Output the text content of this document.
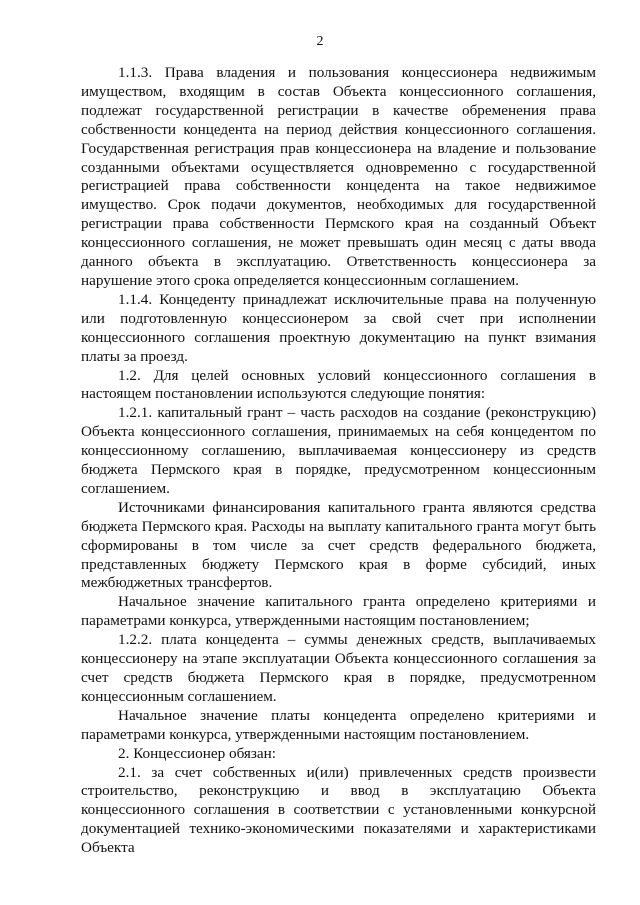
2

1.1.3. Права владения и пользования концессионера недвижимым имуществом, входящим в состав Объекта концессионного соглашения, подлежат государственной регистрации в качестве обременения права собственности концедента на период действия концессионного соглашения. Государственная регистрация прав концессионера на владение и пользование созданными объектами осуществляется одновременно с государственной регистрацией права собственности концедента на такое недвижимое имущество. Срок подачи документов, необходимых для государственной регистрации права собственности Пермского края на созданный Объект концессионного соглашения, не может превышать один месяц с даты ввода данного объекта в эксплуатацию. Ответственность концессионера за нарушение этого срока определяется концессионным соглашением.

1.1.4. Концеденту принадлежат исключительные права на полученную или подготовленную концессионером за свой счет при исполнении концессионного соглашения проектную документацию на пункт взимания платы за проезд.

1.2. Для целей основных условий концессионного соглашения в настоящем постановлении используются следующие понятия:

1.2.1. капитальный грант – часть расходов на создание (реконструкцию) Объекта концессионного соглашения, принимаемых на себя концедентом по концессионному соглашению, выплачиваемая концессионеру из средств бюджета Пермского края в порядке, предусмотренном концессионным соглашением.

Источниками финансирования капитального гранта являются средства бюджета Пермского края. Расходы на выплату капитального гранта могут быть сформированы в том числе за счет средств федерального бюджета, представленных бюджету Пермского края в форме субсидий, иных межбюджетных трансфертов.

Начальное значение капитального гранта определено критериями и параметрами конкурса, утвержденными настоящим постановлением;

1.2.2. плата концедента – суммы денежных средств, выплачиваемых концессионеру на этапе эксплуатации Объекта концессионного соглашения за счет средств бюджета Пермского края в порядке, предусмотренном концессионным соглашением.

Начальное значение платы концедента определено критериями и параметрами конкурса, утвержденными настоящим постановлением.

2. Концессионер обязан:

2.1. за счет собственных и(или) привлеченных средств произвести строительство, реконструкцию и ввод в эксплуатацию Объекта концессионного соглашения в соответствии с установленными конкурсной документацией технико-экономическими показателями и характеристиками Объекта
